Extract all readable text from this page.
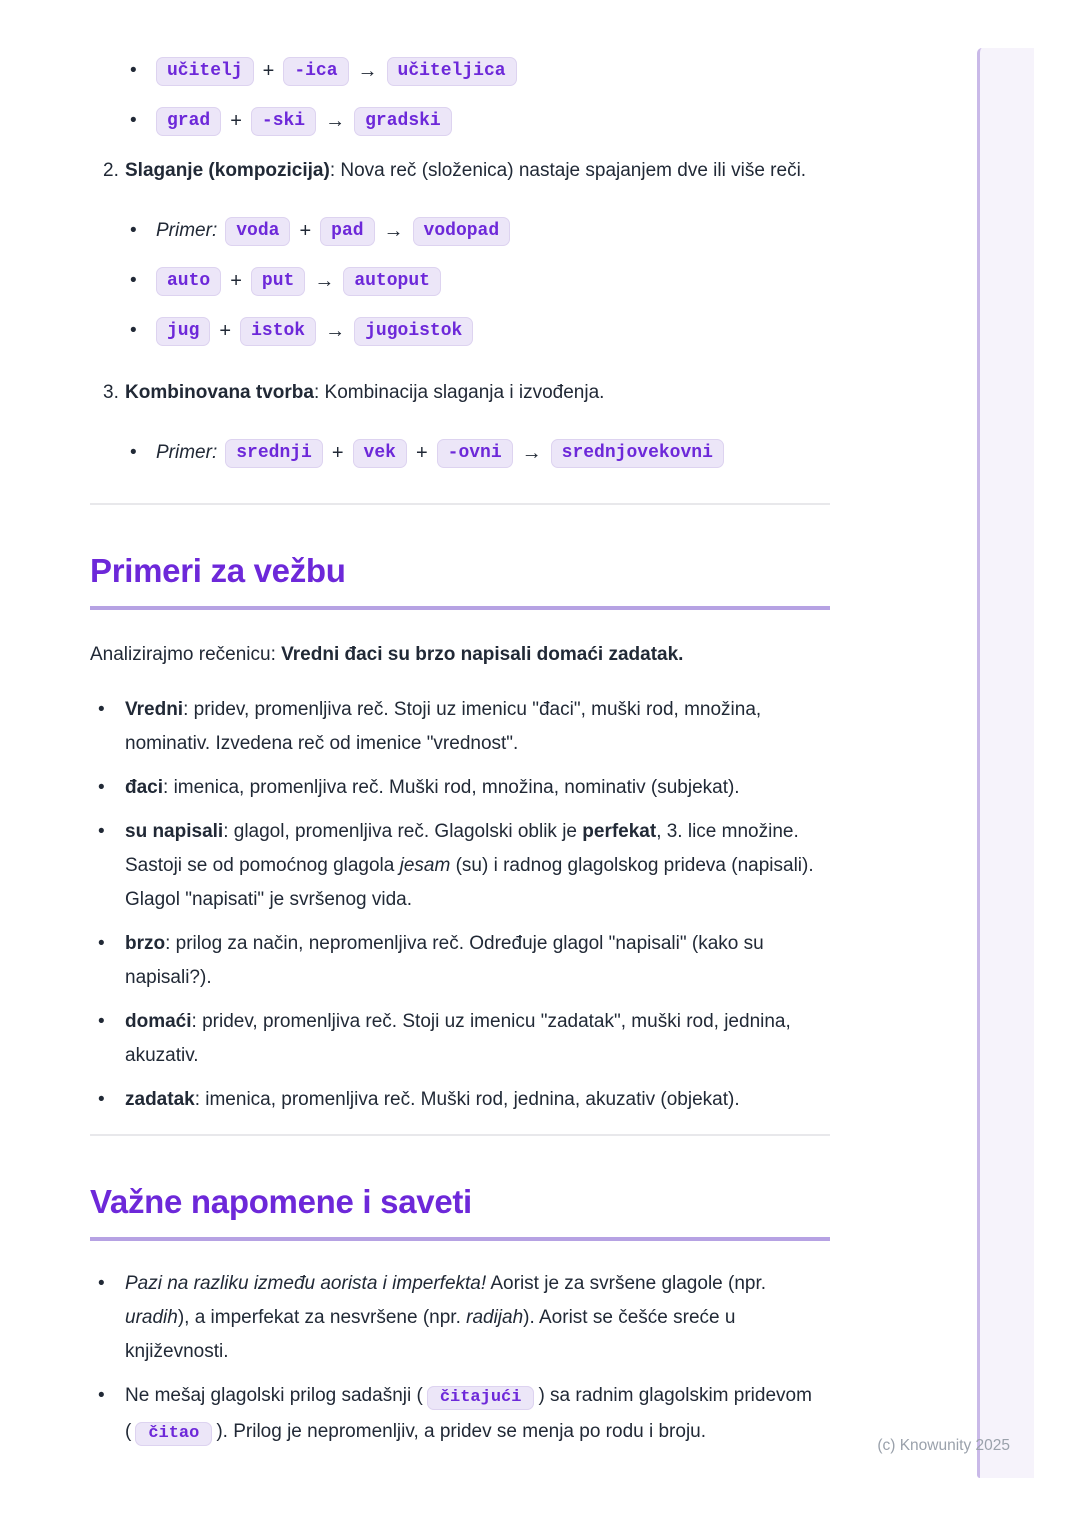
• učitelj	+	-ica	→	učiteljica
• grad	+	-ski	→	gradski
2. Slaganje (kompozicija): Nova reč (složenica) nastaje spajanjem dve ili više reči.

• Primer:	voda	+	pad	→	vodopad
• auto	+	put	→	autoput
• jug	+	istok	→	jugoistok
3. Kombinovana tvorba: Kombinacija slaganja i izvođenja.

• Primer:	srednji	+	vek	+	-ovni	→	srednjovekovni
Primeri za vežbu

Analizirajmo rečenicu: Vredni đaci su brzo napisali domaći zadatak.

• Vredni: pridev, promenljiva reč. Stoji uz imenicu "đaci", muški rod, množina, nominativ. Izvedena reč od imenice "vrednost".
• đaci: imenica, promenljiva reč. Muški rod, množina, nominativ (subjekat).
• su napisali: glagol, promenljiva reč. Glagolski oblik je perfekat, 3. lice množine. Sastoji se od pomoćnog glagola jesam (su) i radnog glagolskog prideva (napisali). Glagol "napisati" je svršenog vida.
• brzo: prilog za način, nepromenljiva reč. Određuje glagol "napisali" (kako su napisali?).
• domaći: pridev, promenljiva reč. Stoji uz imenicu "zadatak", muški rod, jednina, akuzativ.
• zadatak: imenica, promenljiva reč. Muški rod, jednina, akuzativ (objekat).
Važne napomene i saveti
• Pazi na razliku između aorista i imperfekta! Aorist je za svršene glagole (npr. uradih), a imperfekat za nesvršene (npr. radijah). Aorist se češće sreće u književnosti.
• Ne mešaj glagolski prilog sadašnji ( čitajući ) sa radnim glagolskim pridevom ( čitao ). Prilog je nepromenljiv, a pridev se menja po rodu i broju.
(c) Knowunity 2025
